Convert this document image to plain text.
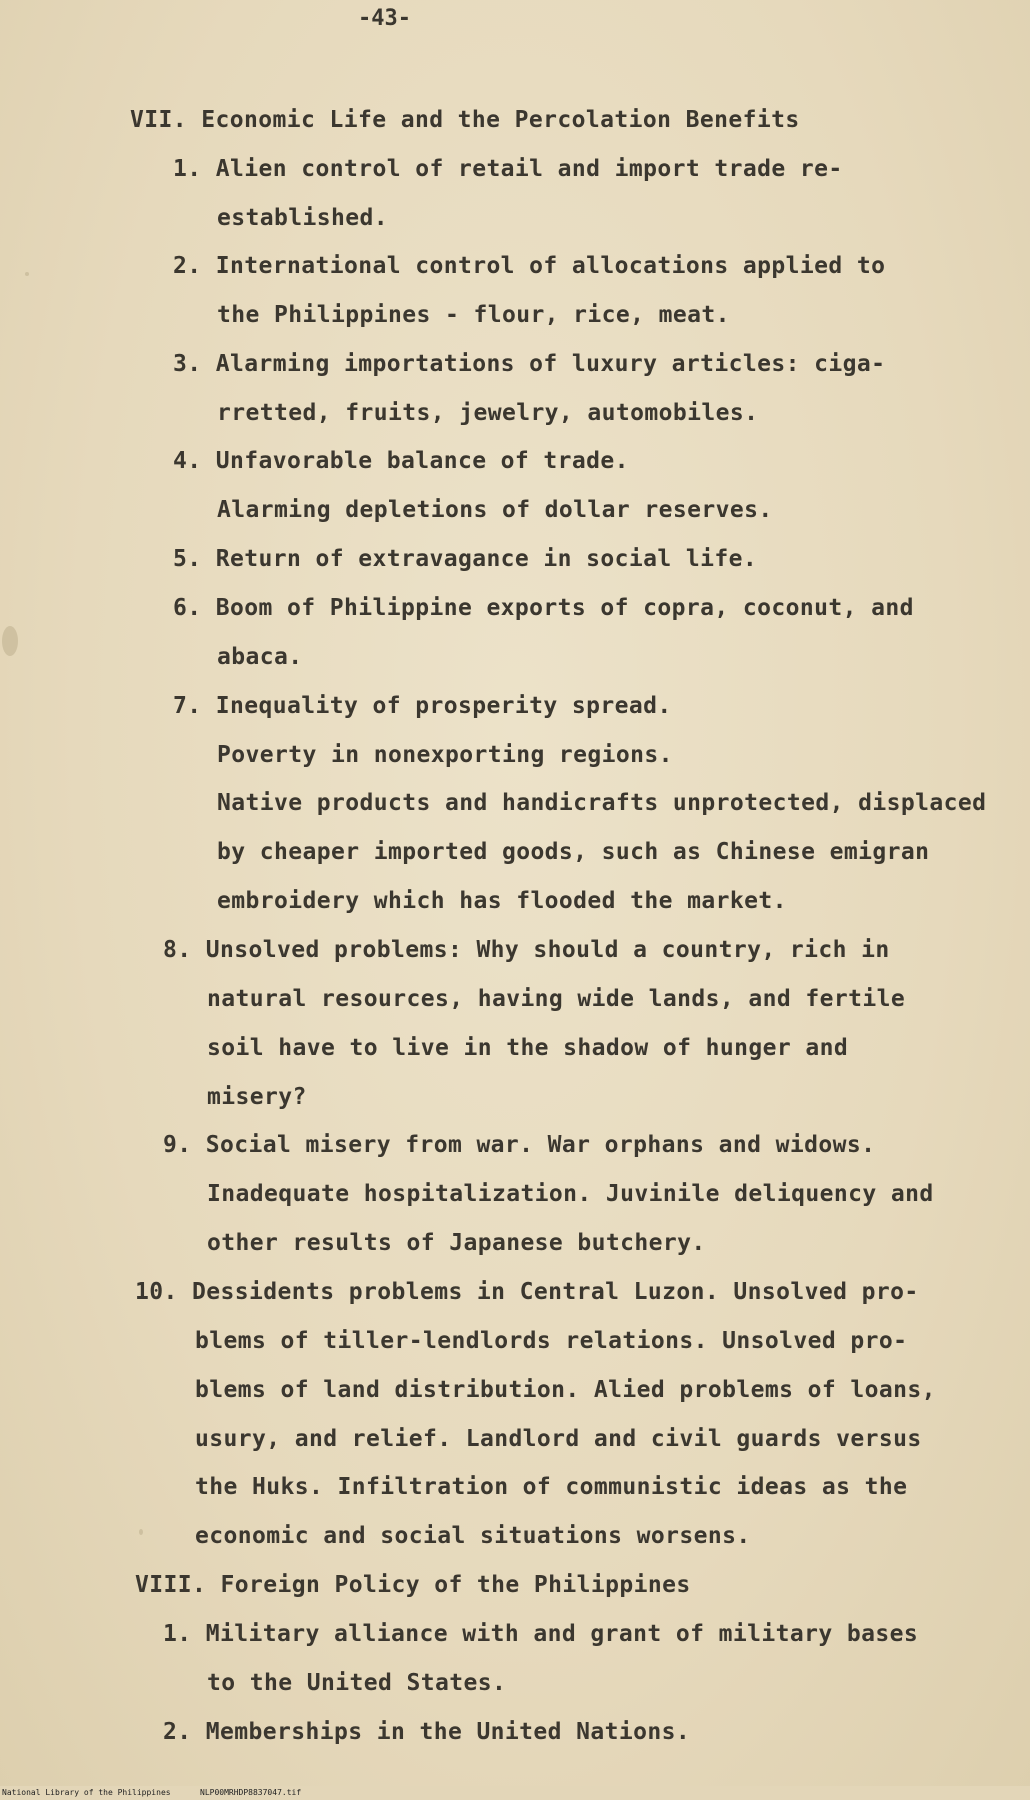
-43-
VII. Economic Life and the Percolation Benefits
1. Alien control of retail and import trade re-
established.
2. International control of allocations applied to
the Philippines - flour, rice, meat.
3. Alarming importations of luxury articles: ciga-
rretted, fruits, jewelry, automobiles.
4. Unfavorable balance of trade.
Alarming depletions of dollar reserves.
5. Return of extravagance in social life.
6. Boom of Philippine exports of copra, coconut, and
abaca.
7. Inequality of prosperity spread.
Poverty in nonexporting regions.
Native products and handicrafts unprotected, displaced
by cheaper imported goods, such as Chinese emigran
embroidery which has flooded the market.
8. Unsolved problems: Why should a country, rich in
natural resources, having wide lands, and fertile
soil have to live in the shadow of hunger and
misery?
9. Social misery from war. War orphans and widows.
Inadequate hospitalization. Juvinile deliquency and
other results of Japanese butchery.
10. Dessidents problems in Central Luzon. Unsolved pro-
blems of tiller-lendlords relations. Unsolved pro-
blems of land distribution. Alied problems of loans,
usury, and relief. Landlord and civil guards versus
the Huks. Infiltration of communistic ideas as the
economic and social situations worsens.
VIII. Foreign Policy of the Philippines
1. Military alliance with and grant of military bases
to the United States.
2. Memberships in the United Nations.
National Library of the Philippines	NLP00MRHDP8837047.tif
